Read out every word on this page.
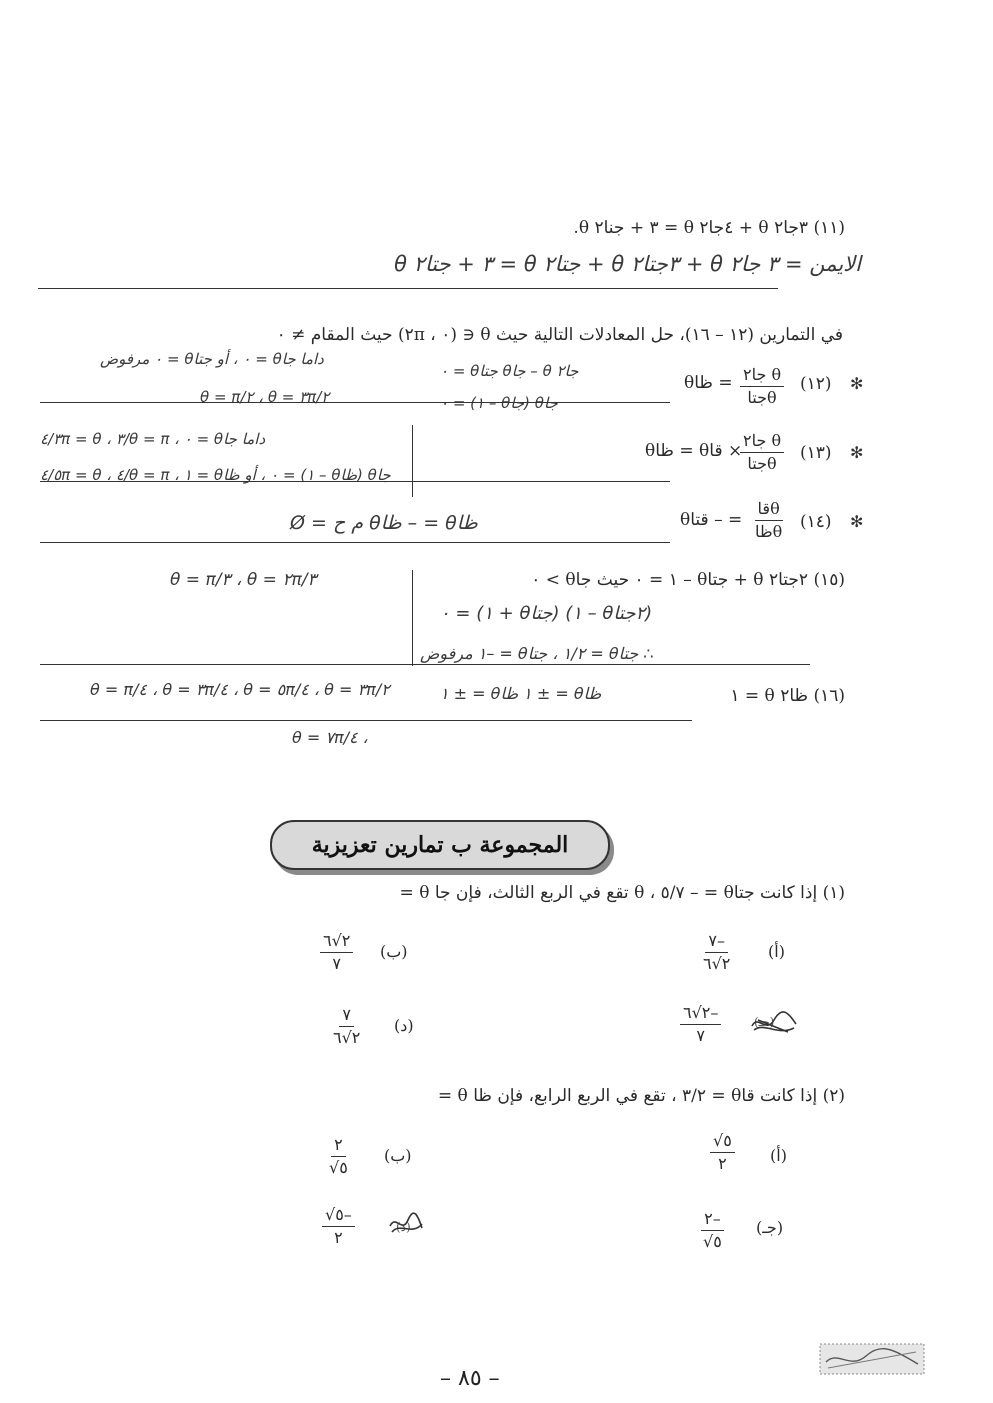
(١١) ٣جا٢ θ + ٤جا٢ θ = ٣ + جنا٢ θ.
الايمن = ٣ جا٢ θ + ٣جتا٢ θ + جتا٢ θ = ٣ + جتا٢ θ
في التمارين (١٢ – ١٦)، حل المعادلات التالية حيث θ ∈ (٠ ، ٢π) حيث المقام ≠ ٠
✻
(١٢)
جا٢ θ
جتاθ
= ظاθ
جا٢ θ – جاθ جتاθ = ٠
جاθ (جاθ – ١) = ٠
داما جاθ = ٠ ، أو جتاθ = ٠ مرفوض
θ = π/٢ ، θ = ٣π/٢
✻
(١٣)
جا٢ θ
جتاθ
× قاθ = ظاθ
داما جاθ = ٠ ، θ = π/٣ ، θ = ٣π/٤
جاθ (ظاθ – ١) = ٠ ، أو ظاθ = ١ ، θ = π/٤ ، θ = ٥π/٤
✻
(١٤)
قاθ
ظاθ
= – قتاθ
ظاθ = – ظاθ م ح = Ø
(١٥) ٢جتا٢ θ + جتاθ – ١ = ٠ حيث جاθ > ٠
(٢جتاθ – ١) (جتاθ + ١) = ٠
∴ جتاθ = ١/٢ ، جتاθ = –١ مرفوض
θ = π/٣ ، θ = ٢π/٣
(١٦) ظا٢ θ = ١
ظاθ = ± ١ ظاθ = ± ١
θ = π/٤ ، θ = ٣π/٤ ، θ = ٥π/٤ ، θ = ٣π/٢
θ = ٧π/٤ ،
المجموعة ب تمارين تعزيزية
(١) إذا كانت جتاθ = – ٥/٧ ، θ تقع في الربع الثالث، فإن جا θ =
(أ)
٧–
٢√٦
(ب)
٢√٦
٧
(جـ)
٢√٦–
٧
(د)
٧
٢√٦
(٢) إذا كانت قاθ = ٣/٢ ، تقع في الربع الرابع، فإن ظا θ =
(أ)
√٥
٢
(ب)
٢
√٥
(جـ)
٢–
√٥
(د)
√٥–
٢
– ٨٥ –
